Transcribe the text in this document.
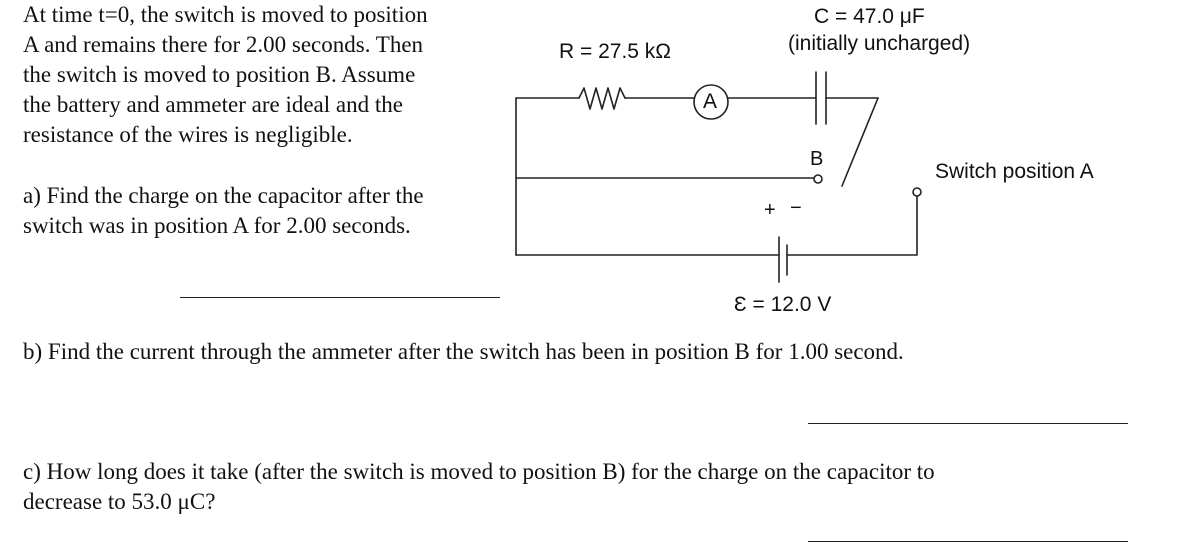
At time t=0, the switch is moved to position
A and remains there for 2.00 seconds. Then
the switch is moved to position B. Assume
the battery and ammeter are ideal and the
resistance of the wires is negligible.
a) Find the charge on the capacitor after the
switch was in position A for 2.00 seconds.
b) Find the current through the ammeter after the switch has been in position B for 1.00 second.
c) How long does it take (after the switch is moved to position B) for the charge on the capacitor to
decrease to 53.0 μC?
R = 27.5 kΩ
C = 47.0 μF
(initially uncharged)
A
B
Switch position A
+ −
Ɛ = 12.0 V
